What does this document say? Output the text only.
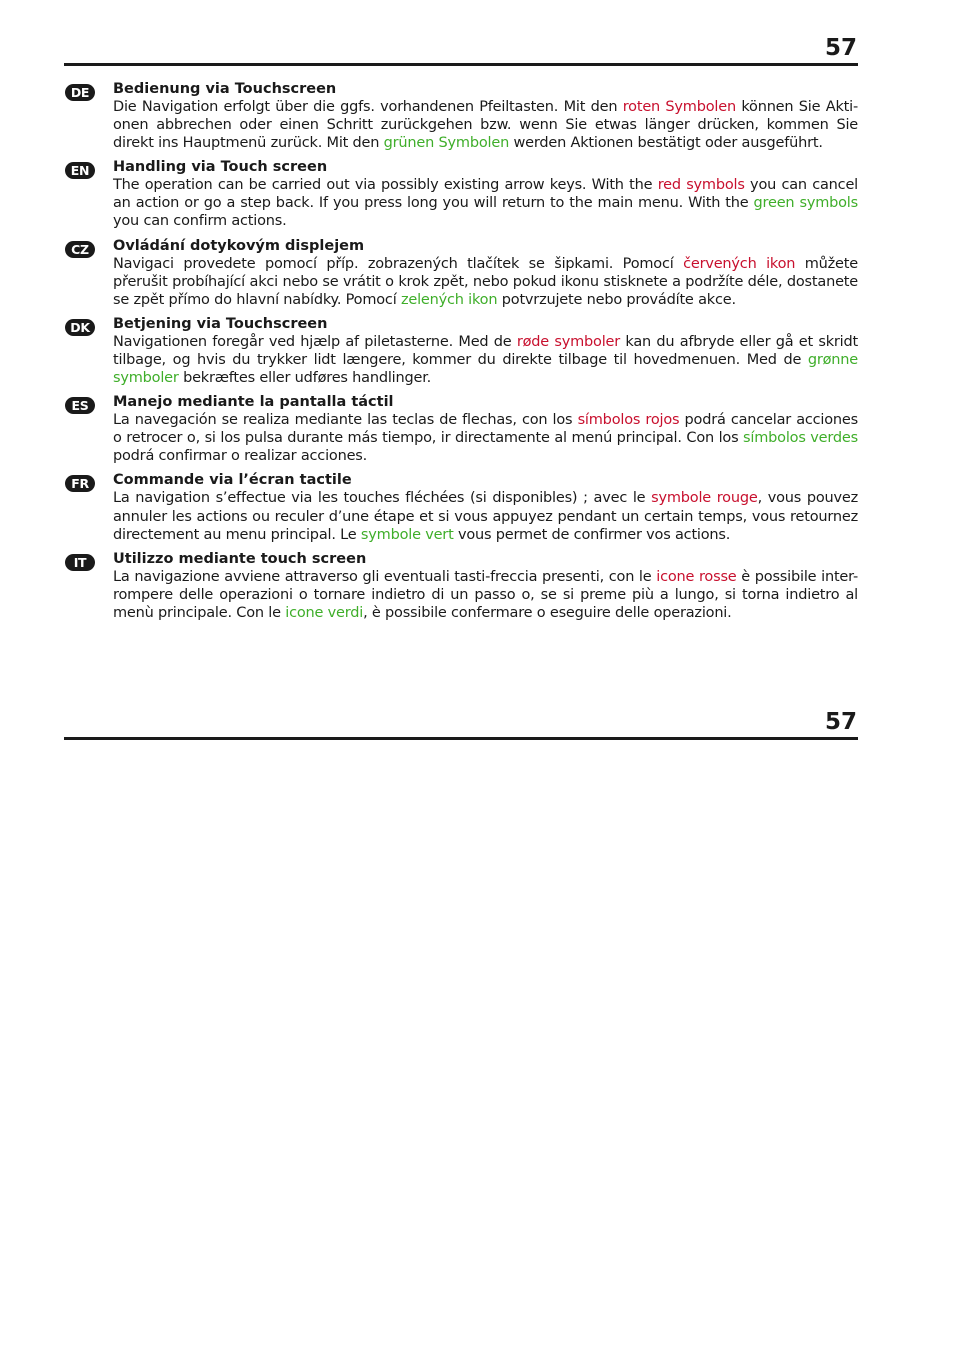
57
DE	Bedienung via Touchscreen

Die Navigation erfolgt über die ggfs. vorhandenen Pfeiltasten. Mit den roten Symbolen können Sie Akti-onen abbrechen oder einen Schritt zurückgehen bzw. wenn Sie etwas länger drücken, kommen Sie direkt ins Hauptmenü zurück. Mit den grünen Symbolen werden Aktionen bestätigt oder ausgeführt.

EN	Handling via Touch screen

The operation can be carried out via possibly existing arrow keys. With the red symbols you can cancel an action or go a step back. If you press long you will return to the main menu. With the green symbols you can confirm actions.

CZ	Ovládání dotykovým displejem

Navigaci provedete pomocí příp. zobrazených tlačítek se šipkami. Pomocí červených ikon můžete přerušit probíhající akci nebo se vrátit o krok zpět, nebo pokud ikonu stisknete a podržíte déle, dostanete se zpět přímo do hlavní nabídky. Pomocí zelených ikon potvrzujete nebo provádíte akce.

DK	Betjening via Touchscreen

Navigationen foregår ved hjælp af piletasterne. Med de røde symboler kan du afbryde eller gå et skridt tilbage, og hvis du trykker lidt længere, kommer du direkte tilbage til hovedmenuen. Med de grønne symboler bekræftes eller udføres handlinger.

ES	Manejo mediante la pantalla táctil

La navegación se realiza mediante las teclas de flechas, con los símbolos rojos podrá cancelar acciones o retrocer o, si los pulsa durante más tiempo, ir directamente al menú principal. Con los símbolos verdes podrá confirmar o realizar acciones.

FR	Commande via l’écran tactile

La navigation s’effectue via les touches fléchées (si disponibles) ; avec le symbole rouge, vous pouvez annuler les actions ou reculer d’une étape et si vous appuyez pendant un certain temps, vous retournez directement au menu principal. Le symbole vert vous permet de confirmer vos actions.

IT	Utilizzo mediante touch screen

La navigazione avviene attraverso gli eventuali tasti-freccia presenti, con le icone rosse è possibile inter-rompere delle operazioni o tornare indietro di un passo o, se si preme più a lungo, si torna indietro al menù principale. Con le icone verdi, è possibile confermare o eseguire delle operazioni.

57
